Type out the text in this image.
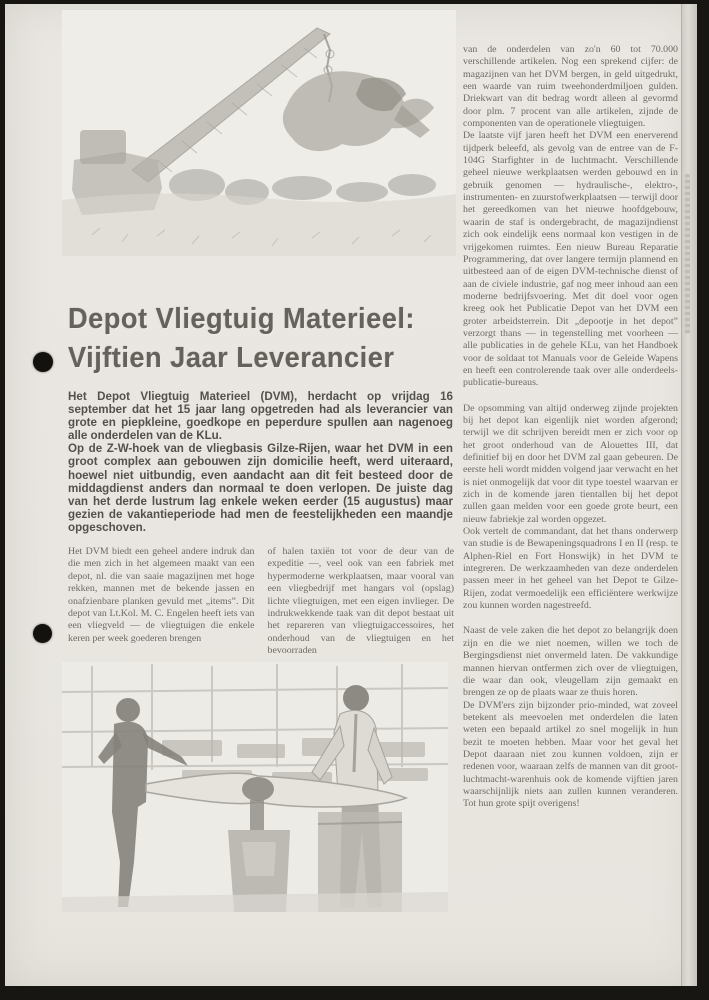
Depot Vliegtuig Materieel:
Vijftien Jaar Leverancier

Het Depot Vliegtuig Materieel (DVM), herdacht op vrijdag 16 september dat het 15 jaar lang opgetreden had als leverancier van grote en piepkleine, goedkope en peperdure spullen aan nagenoeg alle onderdelen van de KLu.

Op de Z-W-hoek van de vliegbasis Gilze-Rijen, waar het DVM in een groot complex aan gebouwen zijn domicilie heeft, werd uiteraard, hoewel niet uitbundig, even aandacht aan dit feit besteed door de middagdienst anders dan normaal te doen verlopen. De juiste dag van het derde lustrum lag enkele weken eerder (15 augustus) maar gezien de vakantieperiode had men de feestelijkheden een maandje opgeschoven.

Het DVM biedt een geheel andere indruk dan die men zich in het algemeen maakt van een depot, nl. die van saaie magazijnen met hoge rekken, mannen met de bekende jassen en onafzienbare planken gevuld met „items”. Dit depot van Lt.Kol. M. C. Engelen heeft iets van een vliegveld — de vliegtuigen die enkele keren per week goederen brengen

of halen taxiën tot voor de deur van de expeditie —, veel ook van een fabriek met hypermoderne werkplaatsen, maar vooral van een vliegbedrijf met hangars vol (opslag) lichte vliegtuigen, met een eigen invlieger. De indrukwekkende taak van dit depot bestaat uit het repareren van vliegtuigaccessoires, het onderhoud van de vliegtuigen en het bevoorraden

van de onderdelen van zo'n 60 tot 70.000 verschillende artikelen. Nog een sprekend cijfer: de magazijnen van het DVM bergen, in geld uitgedrukt, een waarde van ruim tweehonderdmiljoen gulden. Driekwart van dit bedrag wordt alleen al gevormd door plm. 7 procent van alle artikelen, zijnde de componenten van de operationele vliegtuigen.

De laatste vijf jaren heeft het DVM een enerverend tijdperk beleefd, als gevolg van de entree van de F-104G Starfighter in de luchtmacht. Verschillende geheel nieuwe werkplaatsen werden gebouwd en in gebruik genomen — hydraulische-, elektro-, instrumenten- en zuurstofwerkplaatsen — terwijl door het gereedkomen van het nieuwe hoofdgebouw, waarin de staf is ondergebracht, de magazijndienst zich ook eindelijk eens normaal kon vestigen in de vrijgekomen ruimtes. Een nieuw Bureau Reparatie Programmering, dat over langere termijn plannend en uitbesteed aan of de eigen DVM-technische dienst of aan de civiele industrie, gaf nog meer inhoud aan een moderne bedrijfsvoering. Met dit doel voor ogen kreeg ook het Publicatie Depot van het DVM een groter arbeidsterrein. Dit „depootje in het depot” verzorgt thans — in tegenstelling met voorheen — alle publicaties in de gehele KLu, van het Handboek voor de soldaat tot Manuals voor de Geleide Wapens en heeft een controlerende taak over alle onderdeels-publicatie-bureaus.

De opsomming van altijd onderweg zijnde projekten bij het depot kan eigenlijk niet worden afgerond; terwijl we dit schrijven bereidt men er zich voor op het groot onderhoud van de Alouettes III, dat definitief bij en door het DVM zal gaan gebeuren. De eerste heli wordt midden volgend jaar verwacht en het is niet onmogelijk dat voor dit type toestel waarvan er zich in de komende jaren tientallen bij het depot zullen gaan melden voor een goede grote beurt, een nieuw fabriekje zal worden opgezet.

Ook vertelt de commandant, dat het thans onderwerp van studie is de Bewapeningsquadrons I en II (resp. te Alphen-Riel en Fort Honswijk) in het DVM te integreren. De werkzaamheden van deze onderdelen passen meer in het geheel van het Depot te Gilze-Rijen, zodat vermoedelijk een efficiëntere werkwijze zou kunnen worden nagestreefd.

Naast de vele zaken die het depot zo belangrijk doen zijn en die we niet noemen, willen we toch de Bergingsdienst niet onvermeld laten. De vakkundige mannen hiervan ontfermen zich over de vliegtuigen, die waar dan ook, vleugellam zijn gemaakt en brengen ze op de plaats waar ze thuis horen.

De DVM'ers zijn bijzonder prio-minded, wat zoveel betekent als meevoelen met onderdelen die laten weten een bepaald artikel zo snel mogelijk in hun bezit te moeten hebben. Maar voor het geval het Depot daaraan niet zou kunnen voldoen, zijn er redenen voor, waaraan zelfs de mannen van dit groot-luchtmacht-warenhuis ook de komende vijftien jaren waarschijnlijk niets aan zullen kunnen veranderen. Tot hun grote spijt overigens!
